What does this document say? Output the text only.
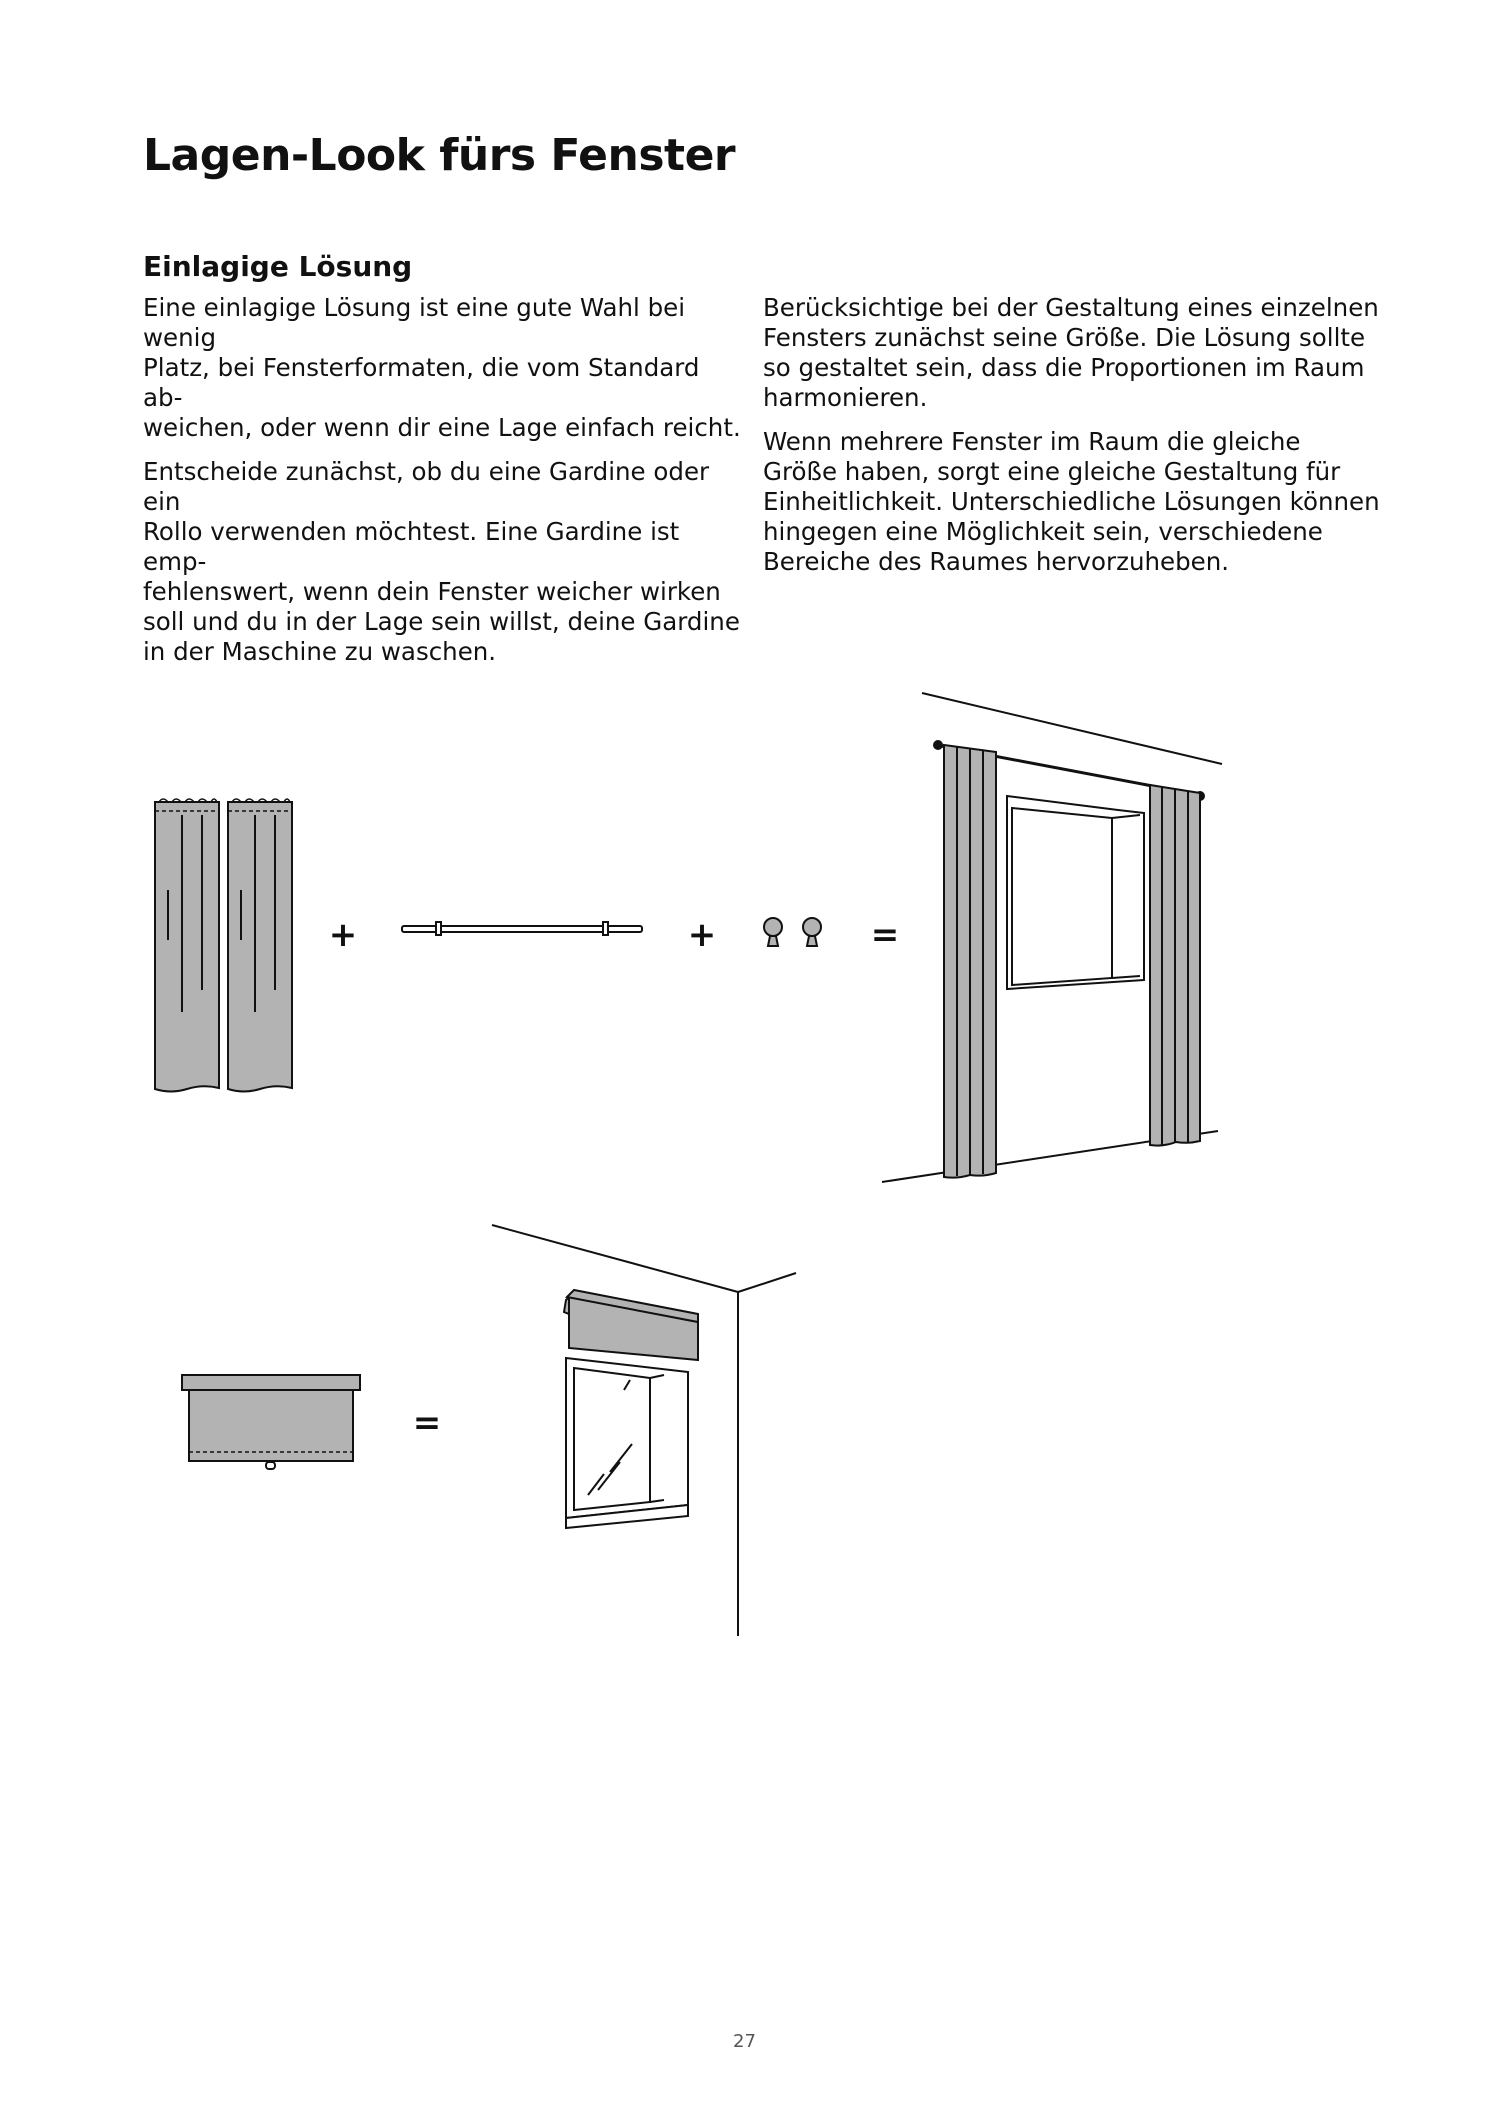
Lagen-Look fürs Fenster
Einlagige Lösung

Eine einlagige Lösung ist eine gute Wahl bei wenig
Platz, bei Fensterformaten, die vom Standard ab-
weichen, oder wenn dir eine Lage einfach reicht.

Entscheide zunächst, ob du eine Gardine oder ein
Rollo verwenden möchtest. Eine Gardine ist emp-
fehlenswert, wenn dein Fenster weicher wirken
soll und du in der Lage sein willst, deine Gardine
in der Maschine zu waschen.

Berücksichtige bei der Gestaltung eines einzelnen
Fensters zunächst seine Größe. Die Lösung sollte
so gestaltet sein, dass die Proportionen im Raum
harmonieren.

Wenn mehrere Fenster im Raum die gleiche
Größe haben, sorgt eine gleiche Gestaltung für
Einheitlichkeit. Unterschiedliche Lösungen können
hingegen eine Möglichkeit sein, verschiedene
Bereiche des Raumes hervorzuheben.

+	+	=
=
27
